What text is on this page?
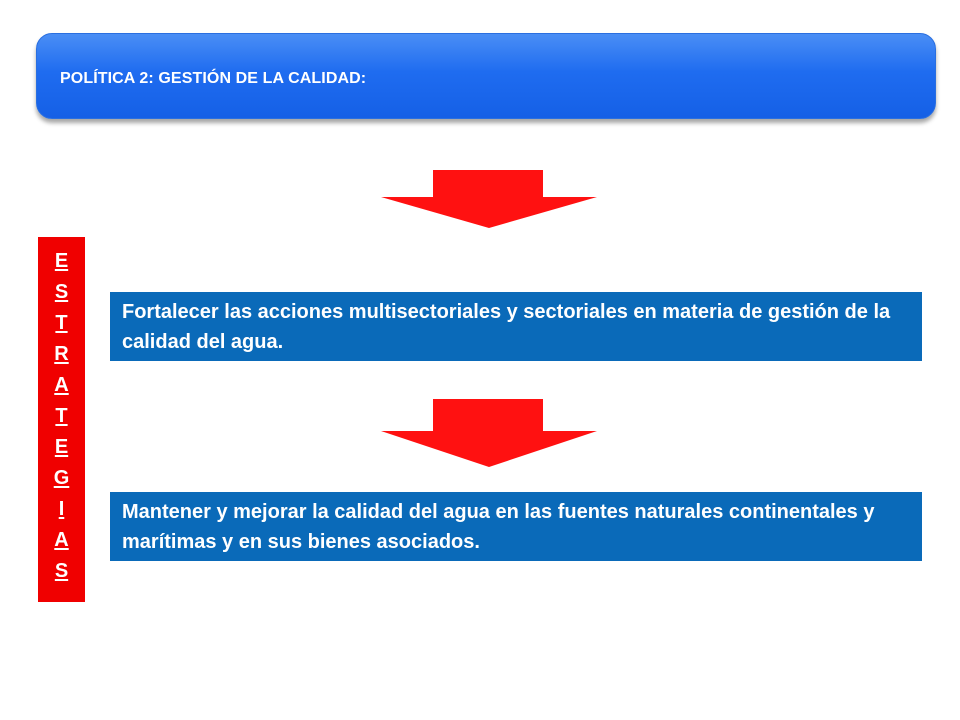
POLÍTICA 2: GESTIÓN DE LA CALIDAD:
E
S
T
R
A
T
E
G
I
A
S
Fortalecer las acciones multisectoriales y sectoriales en materia de gestión de la calidad del agua.
Mantener y mejorar la calidad del agua en las fuentes naturales continentales y marítimas y en sus bienes asociados.
